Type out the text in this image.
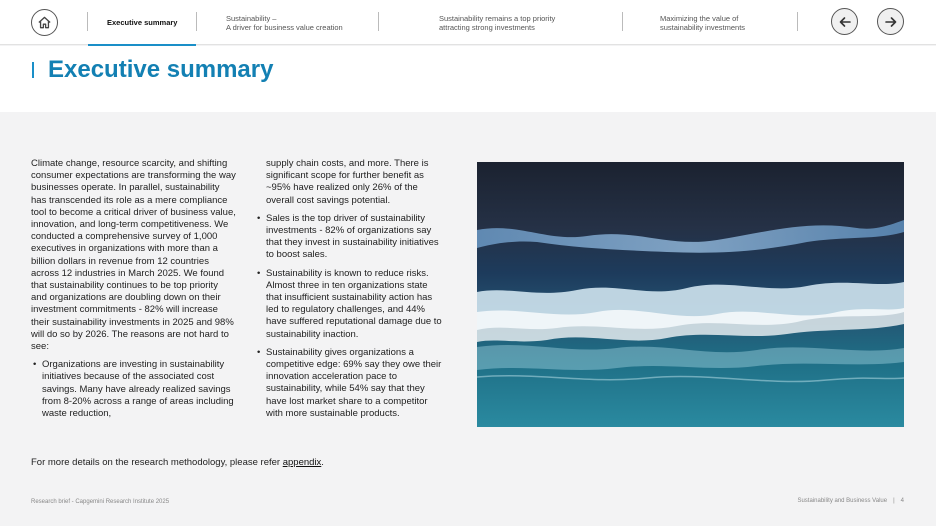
Executive summary	Sustainability –
A driver for business value creation
Sustainability remains a top priority
attracting strong investments
Maximizing the value of
sustainability investments
Executive summary

Climate change, resource scarcity, and shifting consumer expectations are transforming the way businesses operate. In parallel, sustainability has transcended its role as a mere compliance tool to become a critical driver of business value, innovation, and long-term competitiveness. We conducted a comprehensive survey of 1,000 executives in organizations with more than a billion dollars in revenue from 12 countries across 12 industries in March 2025. We found that sustainability continues to be top priority and organizations are doubling down on their investment commitments - 82% will increase their sustainability investments in 2025 and 98% will do so by 2026. The reasons are not hard to see:

• Organizations are investing in sustainability initiatives because of the associated cost savings. Many have already realized savings from 8-20% across a range of areas including waste reduction,

supply chain costs, and more. There is significant scope for further benefit as ~95% have realized only 26% of the overall cost savings potential.

• Sales is the top driver of sustainability investments - 82% of organizations say that they invest in sustainability initiatives to boost sales.
• Sustainability is known to reduce risks. Almost three in ten organizations state that insufficient sustainability action has led to regulatory challenges, and 44% have suffered reputational damage due to sustainability inaction.
• Sustainability gives organizations a competitive edge: 69% say they owe their innovation acceleration pace to sustainability, while 54% say that they have lost market share to a competitor with more sustainable products.
For more details on the research methodology, please refer appendix.
Research brief - Capgemini Research Institute 2025	Sustainability and Business Value | 4
